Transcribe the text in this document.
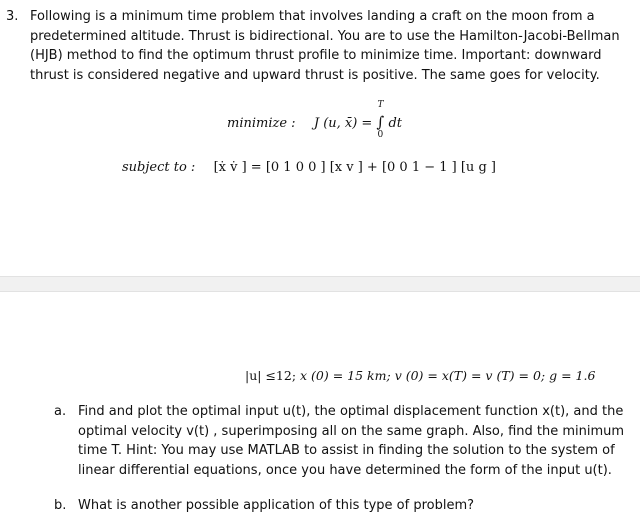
3. Following is a minimum time problem that involves landing a craft on the moon from a predetermined altitude. Thrust is bidirectional. You are to use the Hamilton-Jacobi-Bellman (HJB) method to find the optimum thrust profile to minimize time. Important: downward thrust is considered negative and upward thrust is positive. The same goes for velocity.

minimize : J (u, x̄) = ∫
T
0
dt
subject to : [ẋ v̇ ] = [0 1 0 0 ] [x v ] + [0 0 1 − 1 ] [u g ]
|u| ≤12; x (0) = 15 km; v (0) = x(T) = v (T) = 0; g = 1.6
a. Find and plot the optimal input u(t), the optimal displacement function x(t), and the optimal velocity v(t) , superimposing all on the same graph. Also, find the minimum time T. Hint: You may use MATLAB to assist in finding the solution to the system of linear differential equations, once you have determined the form of the input u(t).

b. What is another possible application of this type of problem?
